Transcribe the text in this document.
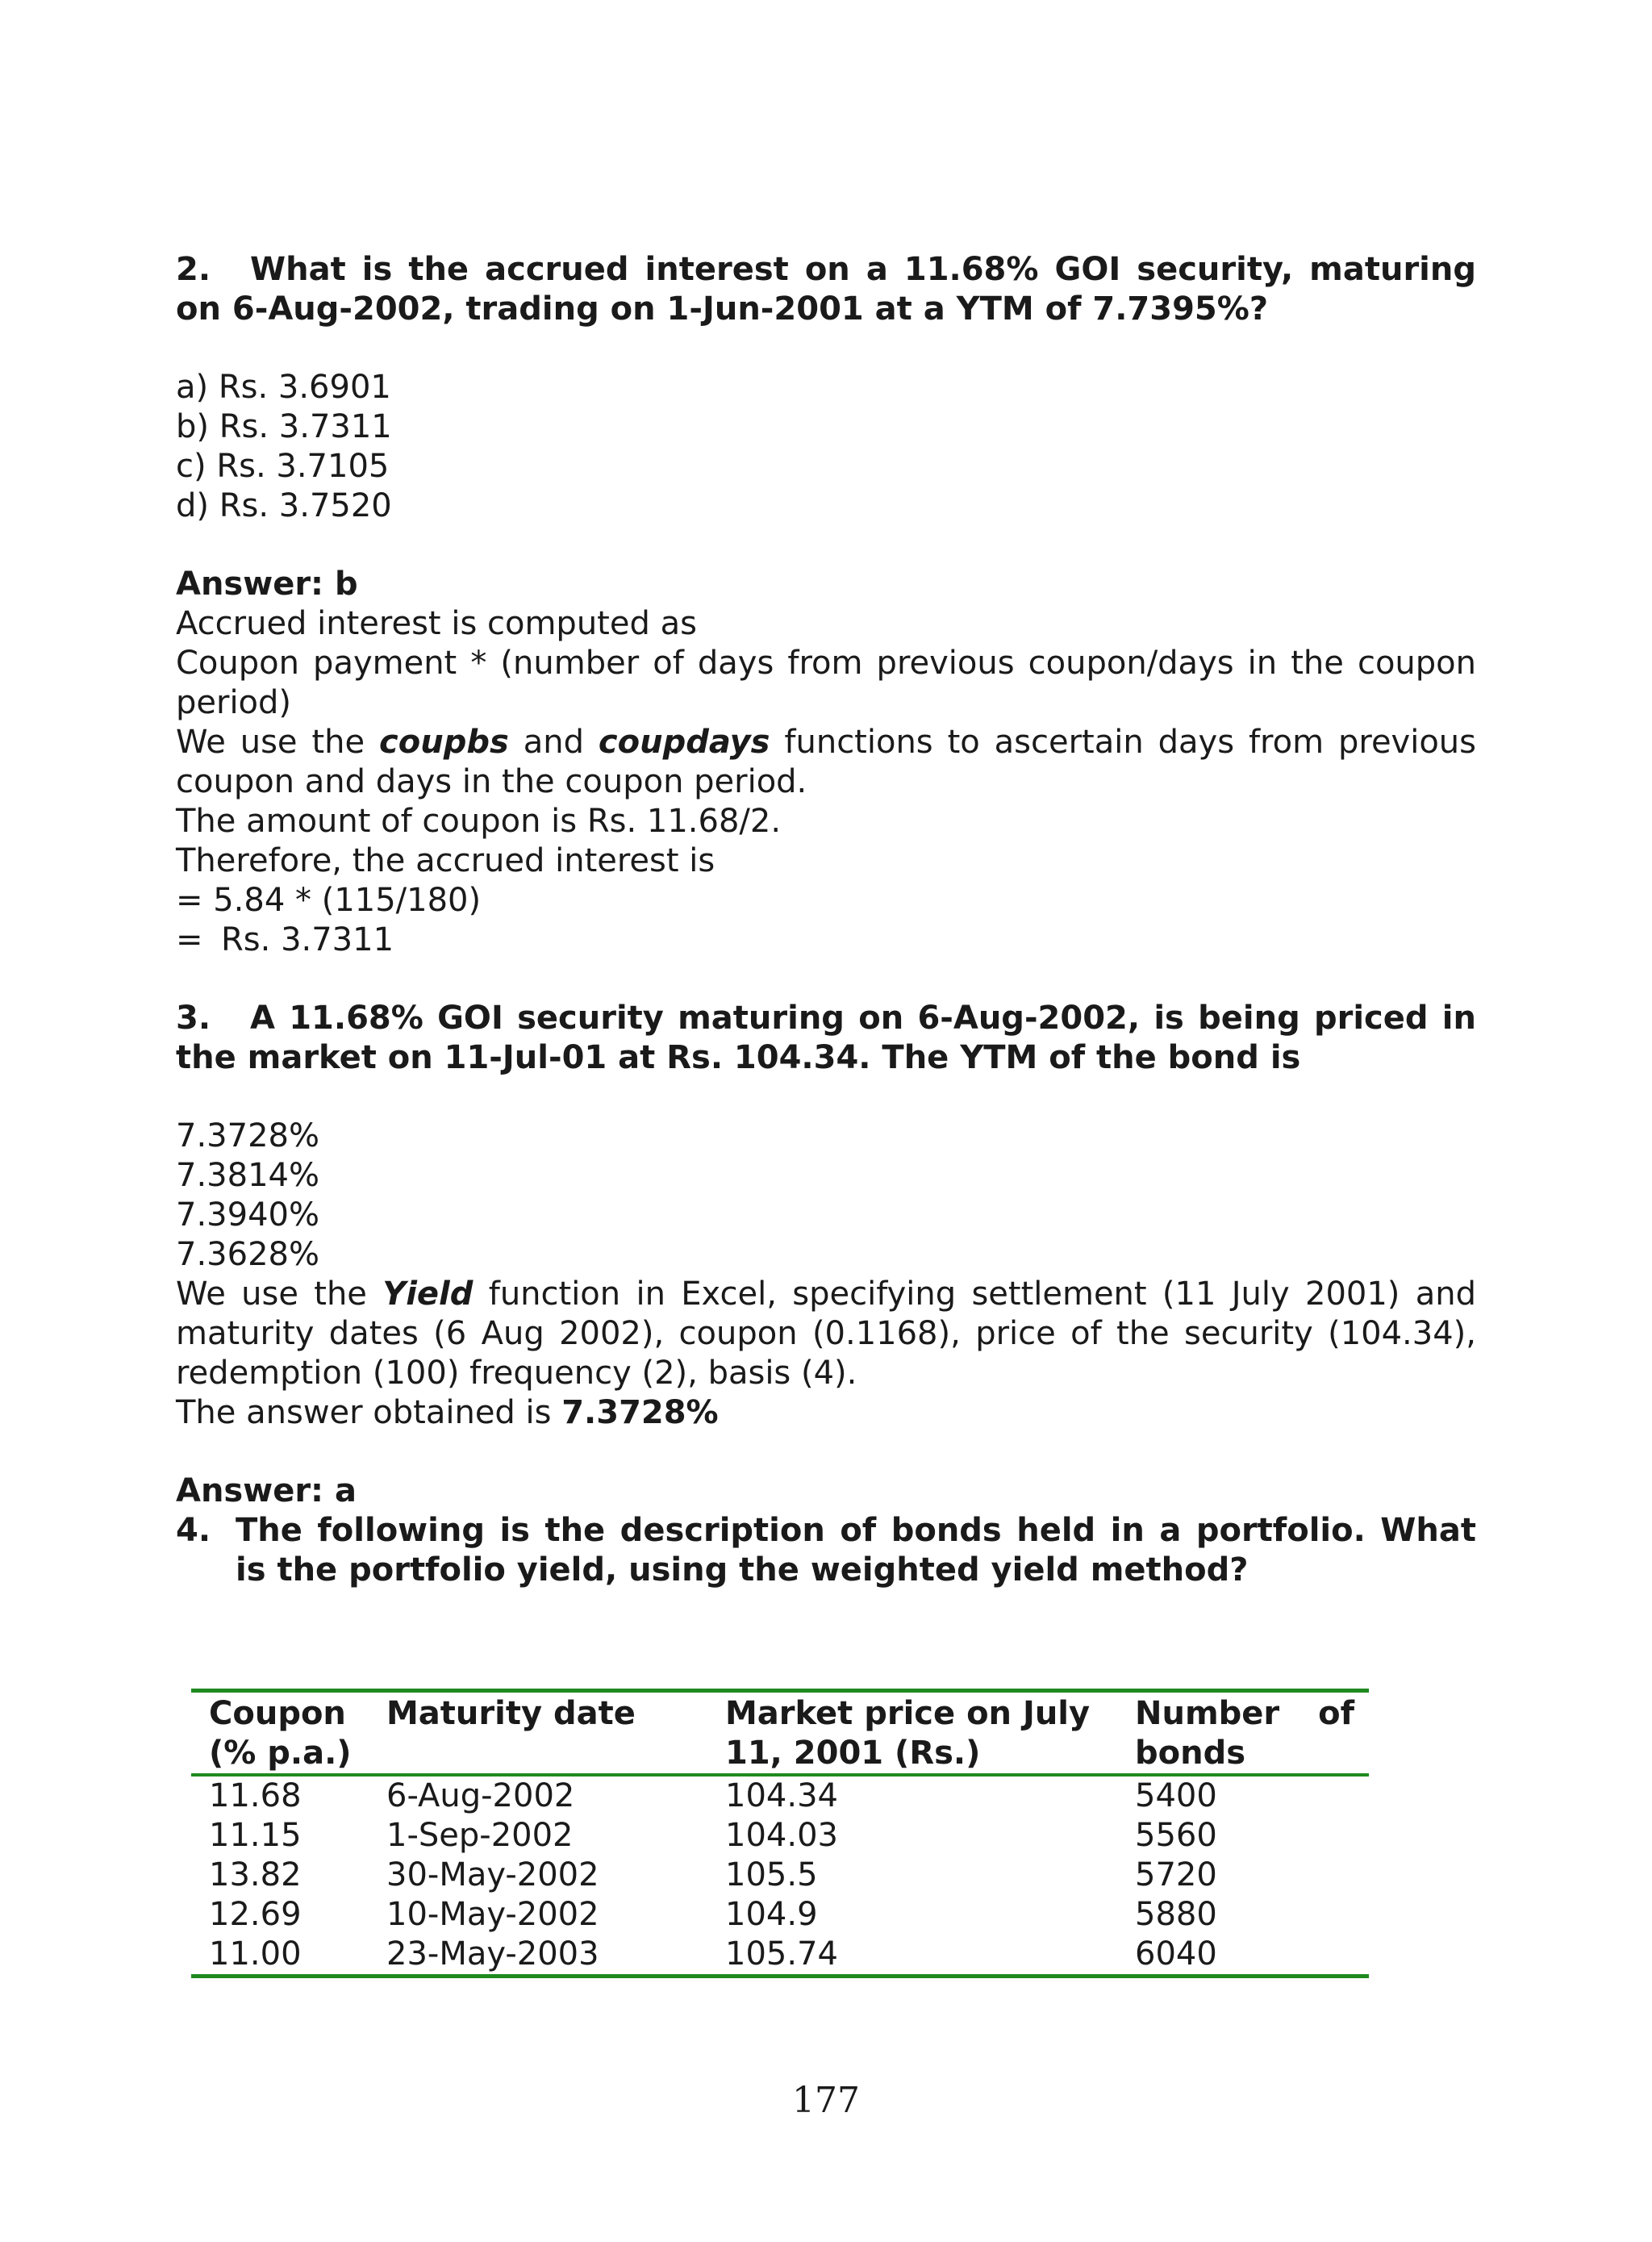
2. What is the accrued interest on a 11.68% GOI security, maturing on 6-Aug-2002, trading on 1-Jun-2001 at a YTM of 7.7395%?

a) Rs. 3.6901

b) Rs. 3.7311

c) Rs. 3.7105

d) Rs. 3.7520

Answer: b

Accrued interest is computed as

Coupon payment * (number of days from previous coupon/days in the coupon period)

We use the coupbs and coupdays functions to ascertain days from previous coupon and days in the coupon period.

The amount of coupon is Rs. 11.68/2.

Therefore, the accrued interest is

= 5.84 * (115/180)

= Rs. 3.7311

3. A 11.68% GOI security maturing on 6-Aug-2002, is being priced in the market on 11-Jul-01 at Rs. 104.34. The YTM of the bond is

7.3728%

7.3814%

7.3940%

7.3628%

We use the Yield function in Excel, specifying settlement (11 July 2001) and maturity dates (6 Aug 2002), coupon (0.1168), price of the security (104.34), redemption (100) frequency (2), basis (4).

The answer obtained is 7.3728%

Answer: a

4. The following is the description of bonds held in a portfolio. What is the portfolio yield, using the weighted yield method?
Coupon (% p.a.)	Maturity date	Market price on July 11, 2001 (Rs.)	Number of bonds
11.68	6-Aug-2002	104.34	5400
11.15	1-Sep-2002	104.03	5560
13.82	30-May-2002	105.5	5720
12.69	10-May-2002	104.9	5880
11.00	23-May-2003	105.74	6040
177
